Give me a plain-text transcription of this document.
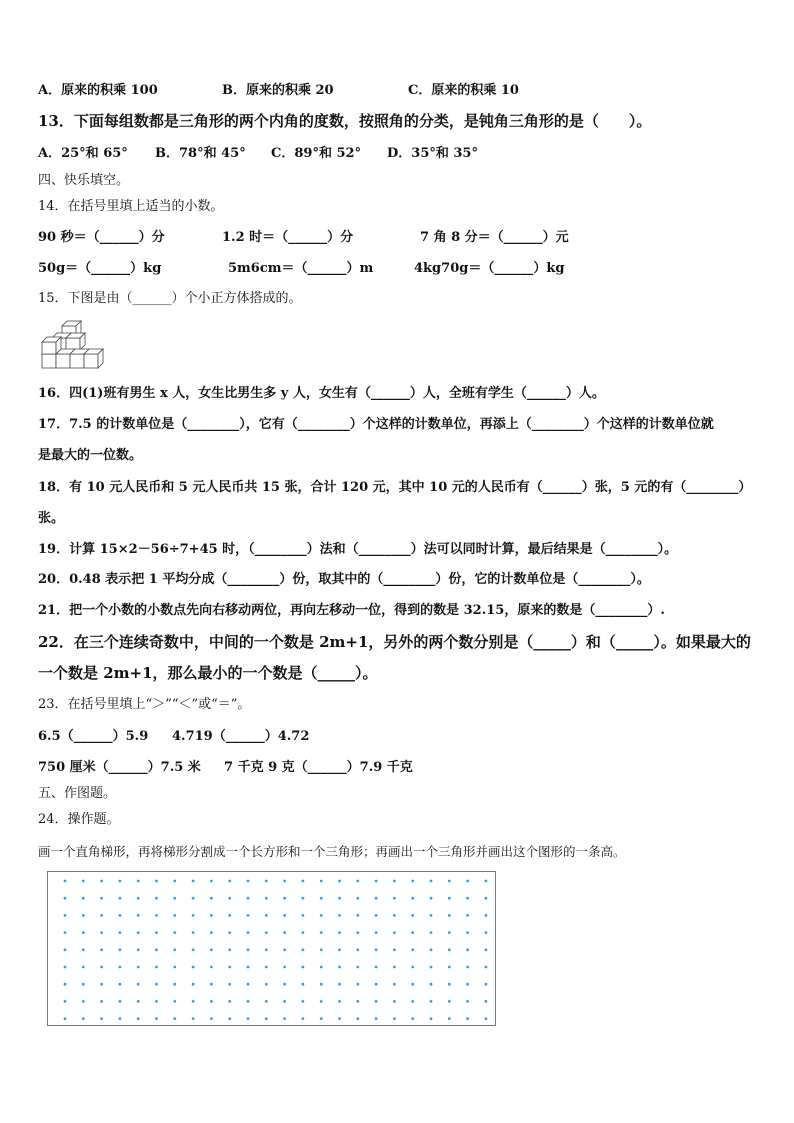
A．原来的积乘 100	B．原来的积乘 20	C．原来的积乘 10
13．下面每组数都是三角形的两个内角的度数，按照角的分类，是钝角三角形的是（　　）。
A．25°和 65° B．78°和 45° C．89°和 52° D．35°和 35°
四、快乐填空。
14．在括号里填上适当的小数。
90 秒＝（______）分	1.2 时＝（______）分	7 角 8 分＝（______）元
50g＝（______）kg	5m6cm＝（______）m	4kg70g＝（______）kg
15．下图是由（______）个小正方体搭成的。
16．四(1)班有男生 x 人，女生比男生多 y 人，女生有（______）人，全班有学生（______）人。
17．7.5 的计数单位是（________），它有（________）个这样的计数单位，再添上（________）个这样的计数单位就
是最大的一位数。
18．有 10 元人民币和 5 元人民币共 15 张，合计 120 元，其中 10 元的人民币有（______）张，5 元的有（________）
张。
19．计算 15×2－56÷7+45 时，（________）法和（________）法可以同时计算，最后结果是（________）。
20．0.48 表示把 1 平均分成（________）份，取其中的（________）份，它的计数单位是（________）。
21．把一个小数的小数点先向右移动两位，再向左移动一位，得到的数是 32.15，原来的数是（________）.
22．在三个连续奇数中，中间的一个数是 2m+1，另外的两个数分别是（_____）和（_____）。如果最大的
一个数是 2m+1，那么最小的一个数是（_____）。
23．在括号里填上“＞”“＜”或“＝”。
6.5（______）5.9 4.719（______）4.72
750 厘米（______）7.5 米 7 千克 9 克（______）7.9 千克
五、作图题。
24．操作题。
画一个直角梯形，再将梯形分割成一个长方形和一个三角形；再画出一个三角形并画出这个图形的一条高。
